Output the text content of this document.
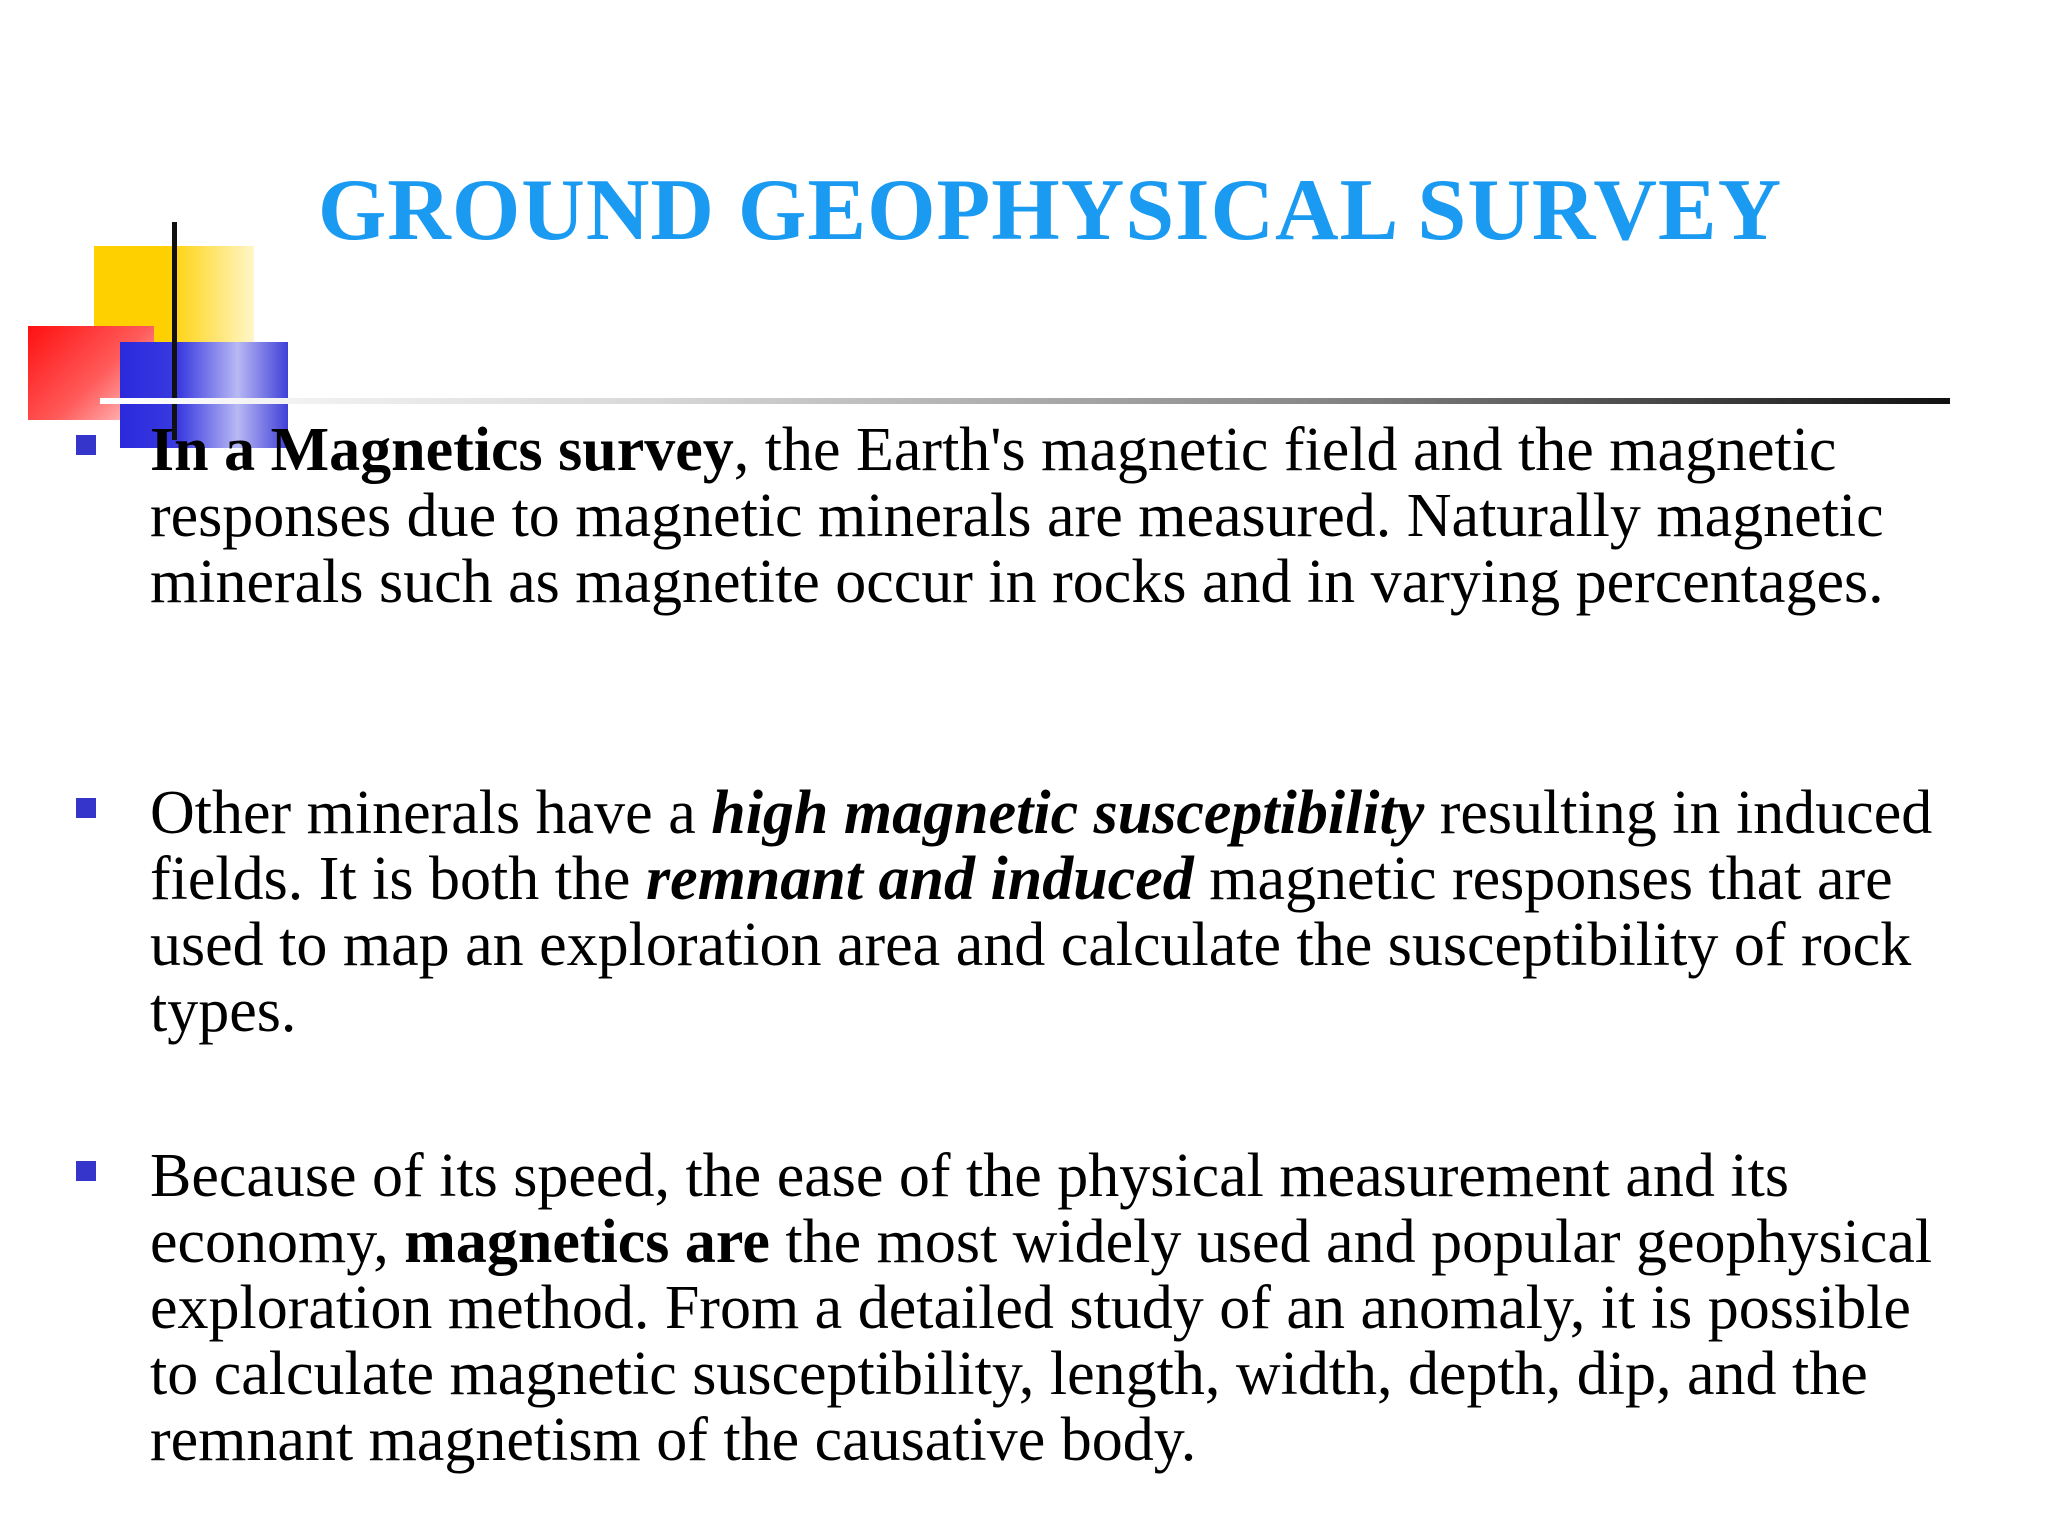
GROUND GEOPHYSICAL SURVEY
In a Magnetics survey, the Earth's magnetic field and the magnetic responses due to magnetic minerals are measured. Naturally magnetic minerals such as magnetite occur in rocks and in varying percentages.
Other minerals have a high magnetic susceptibility resulting in induced fields. It is both the remnant and induced magnetic responses that are used to map an exploration area and calculate the susceptibility of rock types.
Because of its speed, the ease of the physical measurement and its economy, magnetics are the most widely used and popular geophysical exploration method. From a detailed study of an anomaly, it is possible to calculate magnetic susceptibility, length, width, depth, dip, and the remnant magnetism of the causative body.
